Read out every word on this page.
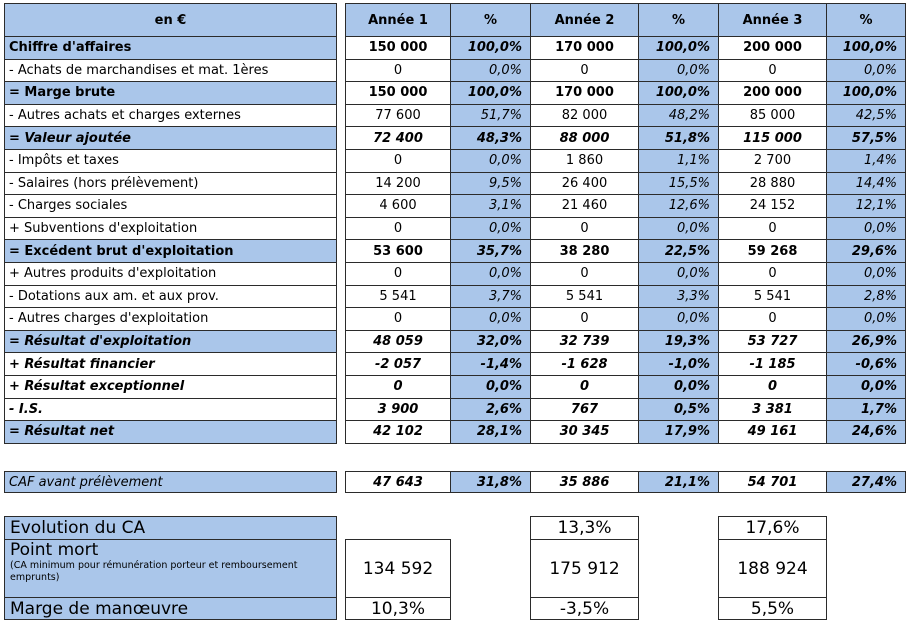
en €		Année 1	%	Année 2	%	Année 3	%
Chiffre d'affaires		150 000	100,0%	170 000	100,0%	200 000	100,0%
- Achats de marchandises et mat. 1ères		0	0,0%	0	0,0%	0	0,0%
= Marge brute		150 000	100,0%	170 000	100,0%	200 000	100,0%
- Autres achats et charges externes		77 600	51,7%	82 000	48,2%	85 000	42,5%
= Valeur ajoutée		72 400	48,3%	88 000	51,8%	115 000	57,5%
- Impôts et taxes		0	0,0%	1 860	1,1%	2 700	1,4%
- Salaires (hors prélèvement)		14 200	9,5%	26 400	15,5%	28 880	14,4%
- Charges sociales		4 600	3,1%	21 460	12,6%	24 152	12,1%
+ Subventions d'exploitation		0	0,0%	0	0,0%	0	0,0%
= Excédent brut d'exploitation		53 600	35,7%	38 280	22,5%	59 268	29,6%
+ Autres produits d'exploitation		0	0,0%	0	0,0%	0	0,0%
- Dotations aux am. et aux prov.		5 541	3,7%	5 541	3,3%	5 541	2,8%
- Autres charges d'exploitation		0	0,0%	0	0,0%	0	0,0%
= Résultat d'exploitation		48 059	32,0%	32 739	19,3%	53 727	26,9%
+ Résultat financier		-2 057	-1,4%	-1 628	-1,0%	-1 185	-0,6%
+ Résultat exceptionnel		0	0,0%	0	0,0%	0	0,0%
- I.S.		3 900	2,6%	767	0,5%	3 381	1,7%
= Résultat net		42 102	28,1%	30 345	17,9%	49 161	24,6%
CAF avant prélèvement		47 643	31,8%	35 886	21,1%	54 701	27,4%
Evolution du CA				13,3%		17,6%	
Point mort
(CA minimum pour rémunération porteur et remboursement emprunts)		134 592		175 912		188 924	
Marge de manœuvre		10,3%		-3,5%		5,5%	
